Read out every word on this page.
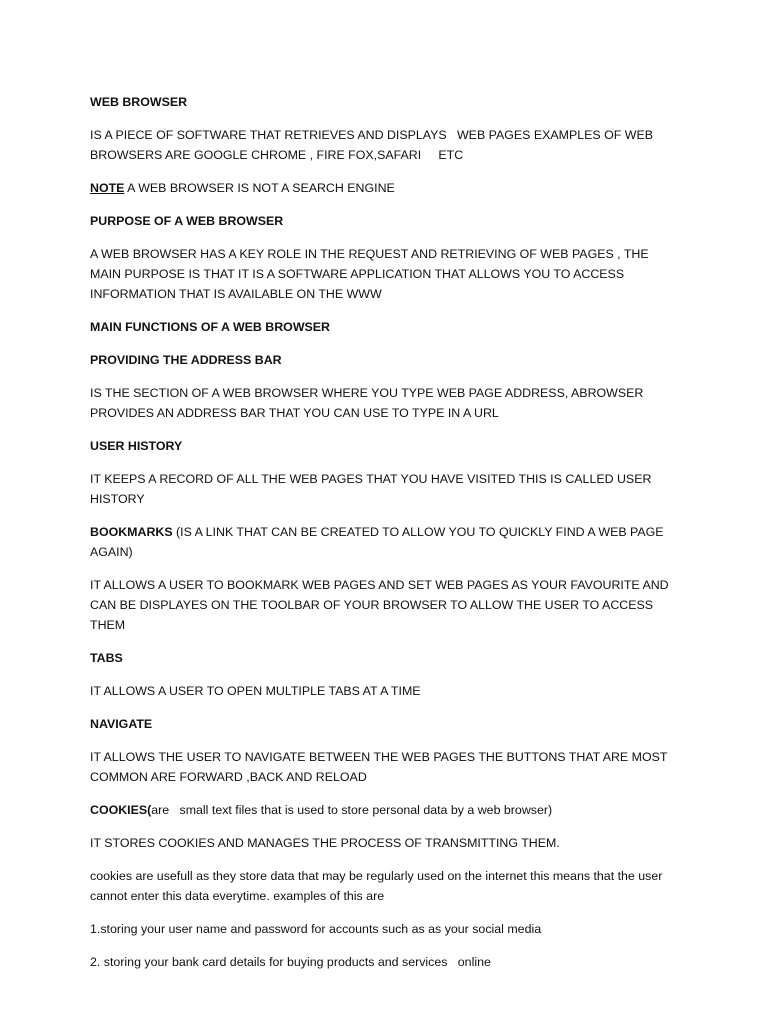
WEB BROWSER

IS A PIECE OF SOFTWARE THAT RETRIEVES AND DISPLAYS   WEB PAGES EXAMPLES OF WEB BROWSERS ARE GOOGLE CHROME , FIRE FOX,SAFARI     ETC

NOTE A WEB BROWSER IS NOT A SEARCH ENGINE

PURPOSE OF A WEB BROWSER

A WEB BROWSER HAS A KEY ROLE IN THE REQUEST AND RETRIEVING OF WEB PAGES , THE MAIN PURPOSE IS THAT IT IS A SOFTWARE APPLICATION THAT ALLOWS YOU TO ACCESS INFORMATION THAT IS AVAILABLE ON THE WWW

MAIN FUNCTIONS OF A WEB BROWSER

PROVIDING THE ADDRESS BAR

IS THE SECTION OF A WEB BROWSER WHERE YOU TYPE WEB PAGE ADDRESS, ABROWSER PROVIDES AN ADDRESS BAR THAT YOU CAN USE TO TYPE IN A URL

USER HISTORY

IT KEEPS A RECORD OF ALL THE WEB PAGES THAT YOU HAVE VISITED THIS IS CALLED USER HISTORY

BOOKMARKS (IS A LINK THAT CAN BE CREATED TO ALLOW YOU TO QUICKLY FIND A WEB PAGE AGAIN)

IT ALLOWS A USER TO BOOKMARK WEB PAGES AND SET WEB PAGES AS YOUR FAVOURITE AND CAN BE DISPLAYES ON THE TOOLBAR OF YOUR BROWSER TO ALLOW THE USER TO ACCESS THEM

TABS

IT ALLOWS A USER TO OPEN MULTIPLE TABS AT A TIME

NAVIGATE

IT ALLOWS THE USER TO NAVIGATE BETWEEN THE WEB PAGES THE BUTTONS THAT ARE MOST COMMON ARE FORWARD ,BACK AND RELOAD

COOKIES(are   small text files that is used to store personal data by a web browser)

IT STORES COOKIES AND MANAGES THE PROCESS OF TRANSMITTING THEM.

cookies are usefull as they store data that may be regularly used on the internet this means that the user cannot enter this data everytime. examples of this are

1.storing your user name and password for accounts such as as your social media

2. storing your bank card details for buying products and services   online
